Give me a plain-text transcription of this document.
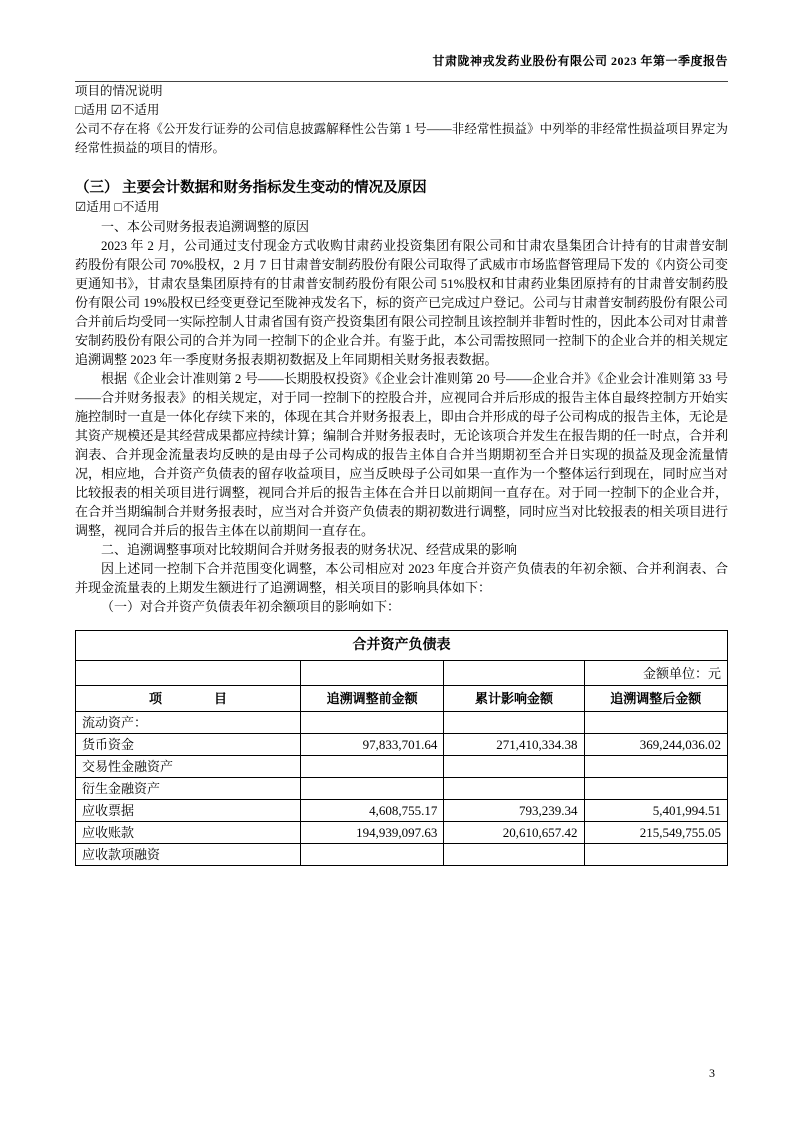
甘肃陇神戎发药业股份有限公司 2023 年第一季度报告

项目的情况说明

□适用 ☑不适用

公司不存在将《公开发行证券的公司信息披露解释性公告第 1 号——非经常性损益》中列举的非经常性损益项目界定为经常性损益的项目的情形。

（三） 主要会计数据和财务指标发生变动的情况及原因

☑适用 □不适用

一、本公司财务报表追溯调整的原因

2023 年 2 月，公司通过支付现金方式收购甘肃药业投资集团有限公司和甘肃农垦集团合计持有的甘肃普安制药股份有限公司 70%股权，2 月 7 日甘肃普安制药股份有限公司取得了武威市市场监督管理局下发的《内资公司变更通知书》，甘肃农垦集团原持有的甘肃普安制药股份有限公司 51%股权和甘肃药业集团原持有的甘肃普安制药股份有限公司 19%股权已经变更登记至陇神戎发名下，标的资产已完成过户登记。公司与甘肃普安制药股份有限公司合并前后均受同一实际控制人甘肃省国有资产投资集团有限公司控制且该控制并非暂时性的，因此本公司对甘肃普安制药股份有限公司的合并为同一控制下的企业合并。有鉴于此，本公司需按照同一控制下的企业合并的相关规定追溯调整 2023 年一季度财务报表期初数据及上年同期相关财务报表数据。

根据《企业会计准则第 2 号——长期股权投资》《企业会计准则第 20 号——企业合并》《企业会计准则第 33 号——合并财务报表》的相关规定，对于同一控制下的控股合并，应视同合并后形成的报告主体自最终控制方开始实施控制时一直是一体化存续下来的，体现在其合并财务报表上，即由合并形成的母子公司构成的报告主体，无论是其资产规模还是其经营成果都应持续计算；编制合并财务报表时，无论该项合并发生在报告期的任一时点，合并利润表、合并现金流量表均反映的是由母子公司构成的报告主体自合并当期期初至合并日实现的损益及现金流量情况，相应地，合并资产负债表的留存收益项目，应当反映母子公司如果一直作为一个整体运行到现在，同时应当对比较报表的相关项目进行调整，视同合并后的报告主体在合并日以前期间一直存在。对于同一控制下的企业合并，在合并当期编制合并财务报表时，应当对合并资产负债表的期初数进行调整，同时应当对比较报表的相关项目进行调整，视同合并后的报告主体在以前期间一直存在。

二、追溯调整事项对比较期间合并财务报表的财务状况、经营成果的影响

因上述同一控制下合并范围变化调整，本公司相应对 2023 年度合并资产负债表的年初余额、合并利润表、合并现金流量表的上期发生额进行了追溯调整，相关项目的影响具体如下：

（一）对合并资产负债表年初余额项目的影响如下：

合并资产负债表			
			金额单位：元
项　　　　目	追溯调整前金额	累计影响金额	追溯调整后金额
流动资产：			
货币资金	97,833,701.64	271,410,334.38	369,244,036.02
交易性金融资产			
衍生金融资产			
应收票据	4,608,755.17	793,239.34	5,401,994.51
应收账款	194,939,097.63	20,610,657.42	215,549,755.05
应收款项融资			
3
